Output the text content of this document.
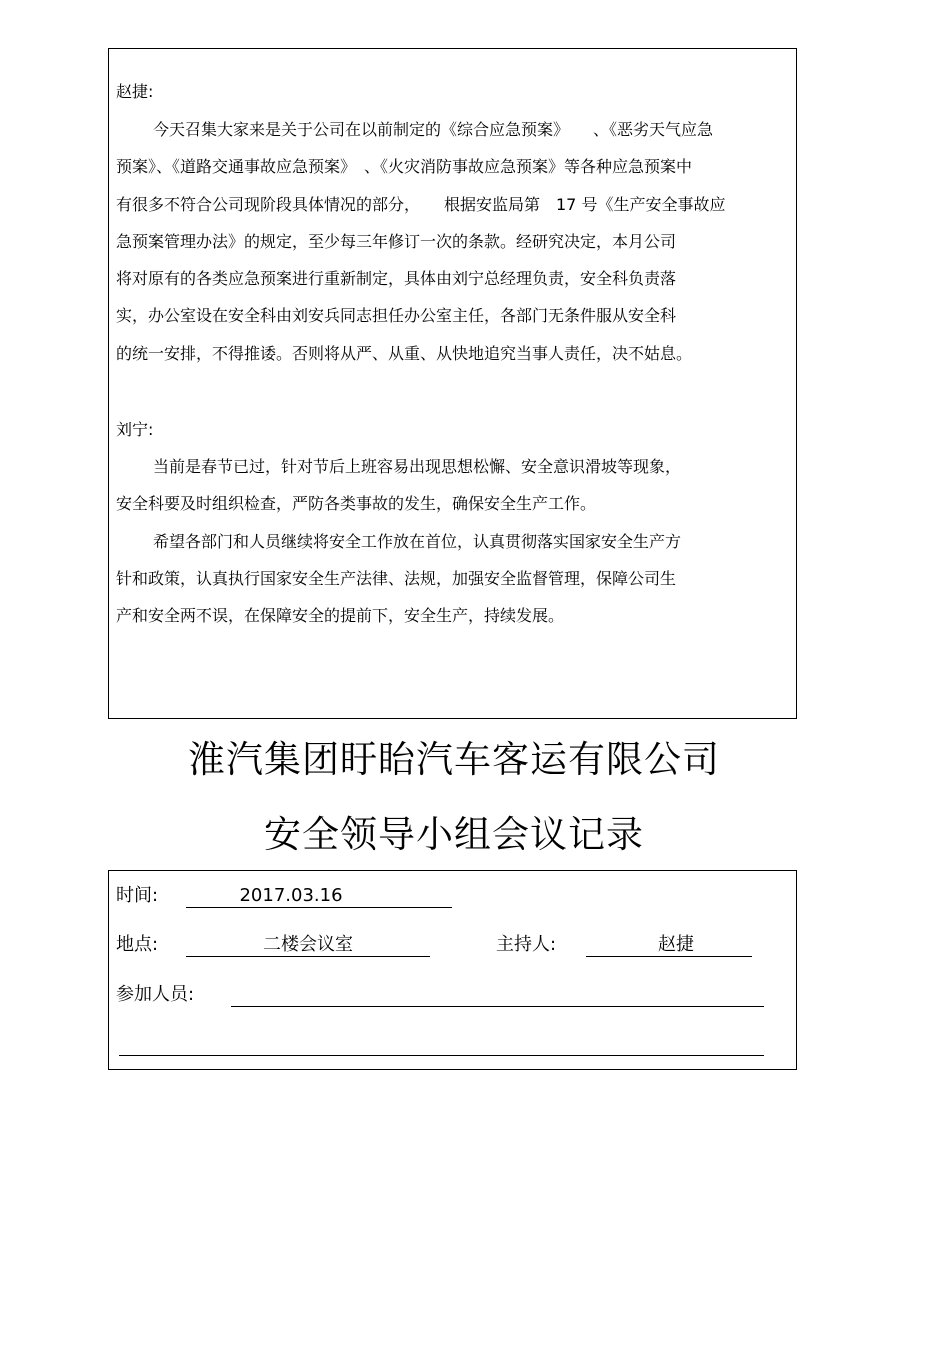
赵捷:
今天召集大家来是关于公司在以前制定的《综合应急预案》　　、《恶劣天气应急
预案》、《道路交通事故应急预案》　、《火灾消防事故应急预案》等各种应急预案中
有很多不符合公司现阶段具体情况的部分，　　根据安监局第　17 号《生产安全事故应
急预案管理办法》的规定，至少每三年修订一次的条款。经研究决定，本月公司
将对原有的各类应急预案进行重新制定，具体由刘宁总经理负责，安全科负责落
实，办公室设在安全科由刘安兵同志担任办公室主任，各部门无条件服从安全科
的统一安排，不得推诿。否则将从严、从重、从快地追究当事人责任，决不姑息。
刘宁:
当前是春节已过，针对节后上班容易出现思想松懈、安全意识滑坡等现象，
安全科要及时组织检查，严防各类事故的发生，确保安全生产工作。
希望各部门和人员继续将安全工作放在首位，认真贯彻落实国家安全生产方
针和政策，认真执行国家安全生产法律、法规，加强安全监督管理，保障公司生
产和安全两不误，在保障安全的提前下，安全生产，持续发展。
淮汽集团盱眙汽车客运有限公司
安全领导小组会议记录
时间:	2017.03.16
地点:	二楼会议室	主持人:	赵捷
参加人员:
